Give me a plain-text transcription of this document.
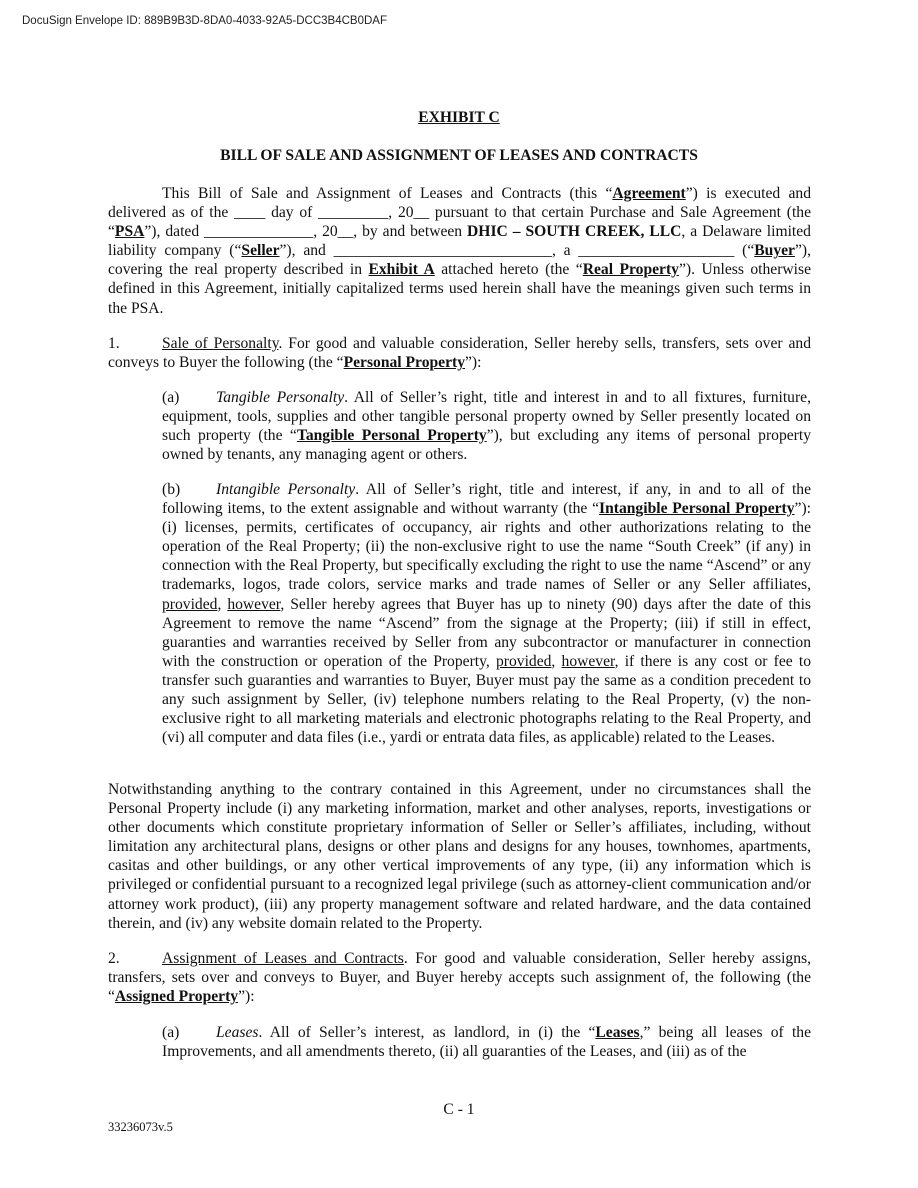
DocuSign Envelope ID: 889B9B3D-8DA0-4033-92A5-DCC3B4CB0DAF
EXHIBIT C
BILL OF SALE AND ASSIGNMENT OF LEASES AND CONTRACTS
This Bill of Sale and Assignment of Leases and Contracts (this “Agreement”) is executed and delivered as of the ____ day of _________, 20__ pursuant to that certain Purchase and Sale Agreement (the “PSA”), dated ______________, 20__, by and between DHIC – SOUTH CREEK, LLC, a Delaware limited liability company (“Seller”), and ____________________________, a ____________________ (“Buyer”), covering the real property described in Exhibit A attached hereto (the “Real Property”). Unless otherwise defined in this Agreement, initially capitalized terms used herein shall have the meanings given such terms in the PSA.
1.	Sale of Personalty. For good and valuable consideration, Seller hereby sells, transfers, sets over and conveys to Buyer the following (the “Personal Property”):
(a) Tangible Personalty. All of Seller’s right, title and interest in and to all fixtures, furniture, equipment, tools, supplies and other tangible personal property owned by Seller presently located on such property (the “Tangible Personal Property”), but excluding any items of personal property owned by tenants, any managing agent or others.
(b) Intangible Personalty. All of Seller’s right, title and interest, if any, in and to all of the following items, to the extent assignable and without warranty (the “Intangible Personal Property”): (i) licenses, permits, certificates of occupancy, air rights and other authorizations relating to the operation of the Real Property; (ii) the non-exclusive right to use the name “South Creek” (if any) in connection with the Real Property, but specifically excluding the right to use the name “Ascend” or any trademarks, logos, trade colors, service marks and trade names of Seller or any Seller affiliates, provided, however, Seller hereby agrees that Buyer has up to ninety (90) days after the date of this Agreement to remove the name “Ascend” from the signage at the Property; (iii) if still in effect, guaranties and warranties received by Seller from any subcontractor or manufacturer in connection with the construction or operation of the Property, provided, however, if there is any cost or fee to transfer such guaranties and warranties to Buyer, Buyer must pay the same as a condition precedent to any such assignment by Seller, (iv) telephone numbers relating to the Real Property, (v) the non-exclusive right to all marketing materials and electronic photographs relating to the Real Property, and (vi) all computer and data files (i.e., yardi or entrata data files, as applicable) related to the Leases.
Notwithstanding anything to the contrary contained in this Agreement, under no circumstances shall the Personal Property include (i) any marketing information, market and other analyses, reports, investigations or other documents which constitute proprietary information of Seller or Seller’s affiliates, including, without limitation any architectural plans, designs or other plans and designs for any houses, townhomes, apartments, casitas and other buildings, or any other vertical improvements of any type, (ii) any information which is privileged or confidential pursuant to a recognized legal privilege (such as attorney-client communication and/or attorney work product), (iii) any property management software and related hardware, and the data contained therein, and (iv) any website domain related to the Property.
2.	Assignment of Leases and Contracts. For good and valuable consideration, Seller hereby assigns, transfers, sets over and conveys to Buyer, and Buyer hereby accepts such assignment of, the following (the “Assigned Property”):
(a) Leases. All of Seller’s interest, as landlord, in (i) the “Leases,” being all leases of the Improvements, and all amendments thereto, (ii) all guaranties of the Leases, and (iii) as of the
C - 1
33236073v.5
